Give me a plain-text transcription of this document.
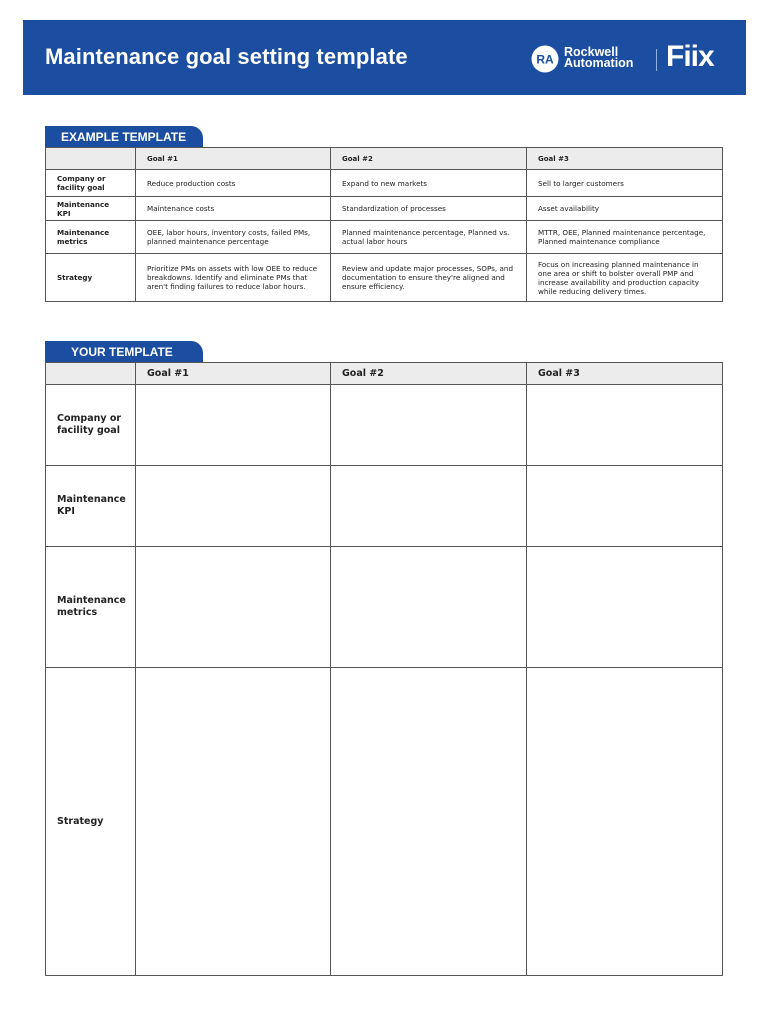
Maintenance goal setting template	RA
Rockwell
Automation Fiix
EXAMPLE TEMPLATE
	Goal #1	Goal #2	Goal #3
Company or facility goal	Reduce production costs	Expand to new markets	Sell to larger customers
Maintenance KPI	Maintenance costs	Standardization of processes	Asset availability
Maintenance metrics	OEE, labor hours, inventory costs, failed PMs, planned maintenance percentage	Planned maintenance percentage, Planned vs. actual labor hours	MTTR, OEE, Planned maintenance percentage, Planned maintenance compliance
Strategy	Prioritize PMs on assets with low OEE to reduce breakdowns. Identify and eliminate PMs that aren't finding failures to reduce labor hours.	Review and update major processes, SOPs, and documentation to ensure they're aligned and ensure efficiency.	Focus on increasing planned maintenance in one area or shift to bolster overall PMP and increase availability and production capacity while reducing delivery times.
YOUR TEMPLATE
	Goal #1	Goal #2	Goal #3
Company or facility goal			
Maintenance KPI			
Maintenance metrics			
Strategy			
